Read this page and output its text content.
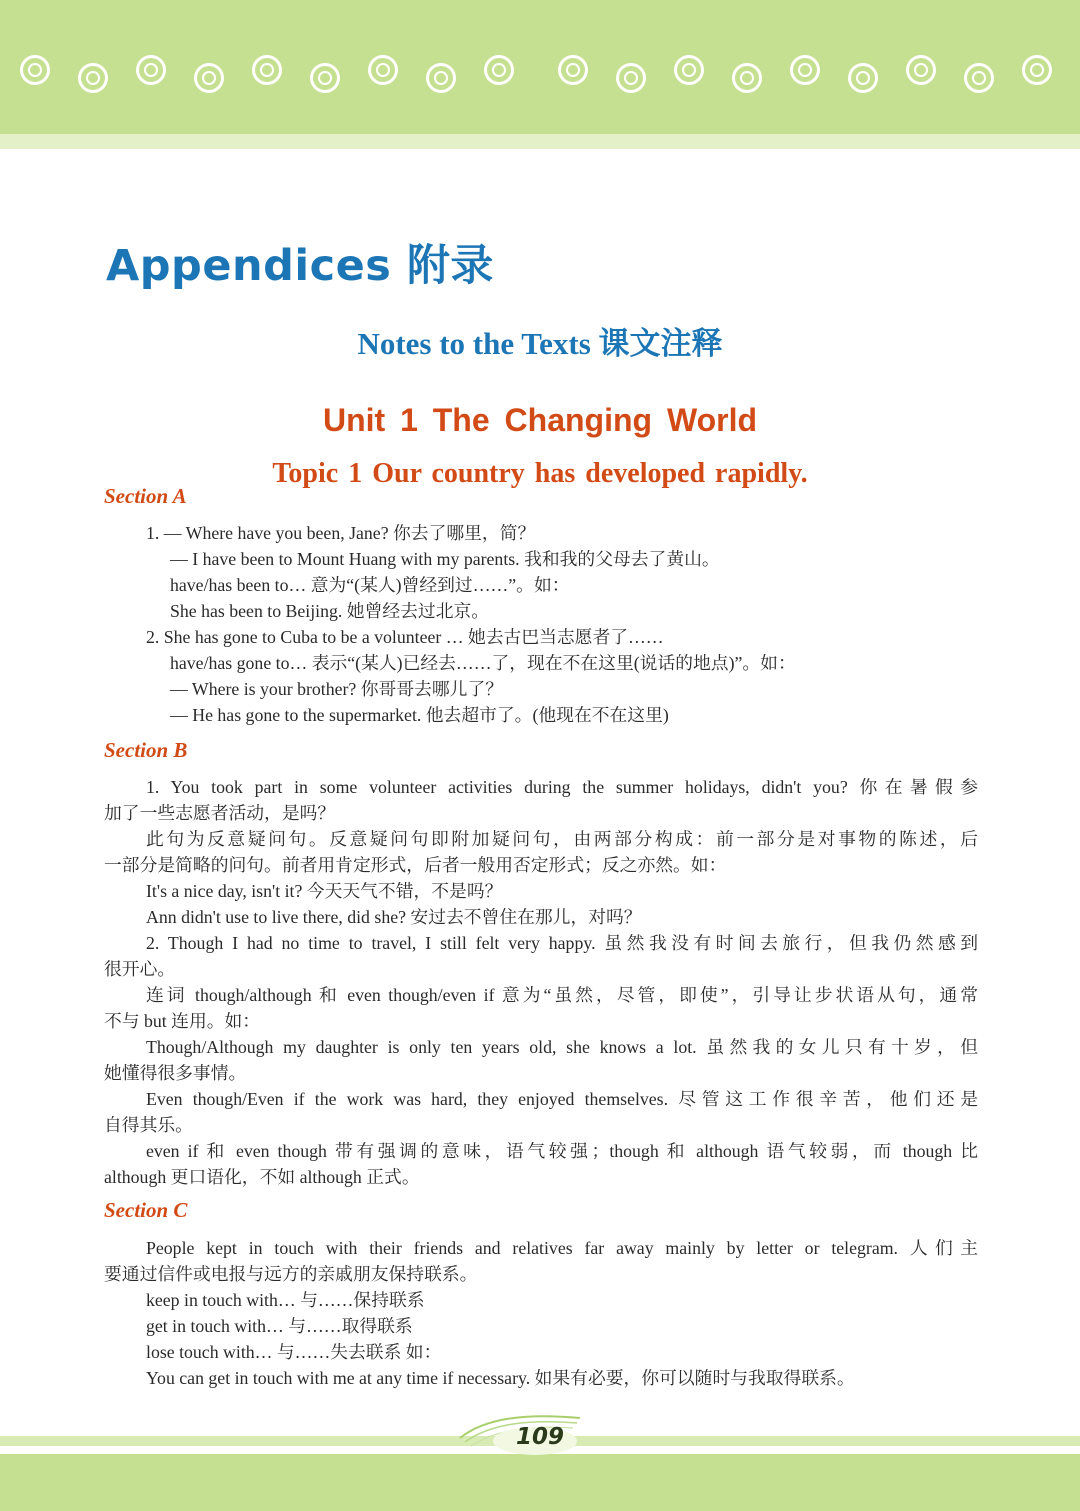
Appendices 附录
Notes to the Texts 课文注释
Unit 1 The Changing World
Topic 1 Our country has developed rapidly.
Section A

1. — Where have you been, Jane? 你去了哪里，简？

— I have been to Mount Huang with my parents. 我和我的父母去了黄山。

have/has been to… 意为“(某人)曾经到过……”。如：

She has been to Beijing. 她曾经去过北京。

2. She has gone to Cuba to be a volunteer … 她去古巴当志愿者了……

have/has gone to… 表示“(某人)已经去……了，现在不在这里(说话的地点)”。如：

— Where is your brother? 你哥哥去哪儿了？

— He has gone to the supermarket. 他去超市了。(他现在不在这里)

Section B

1. You took part in some volunteer activities during the summer holidays, didn't you? 你在暑假参

加了一些志愿者活动，是吗？

此句为反意疑问句。反意疑问句即附加疑问句，由两部分构成：前一部分是对事物的陈述，后

一部分是简略的问句。前者用肯定形式，后者一般用否定形式；反之亦然。如：

It's a nice day, isn't it? 今天天气不错，不是吗？

Ann didn't use to live there, did she? 安过去不曾住在那儿，对吗？

2. Though I had no time to travel, I still felt very happy. 虽然我没有时间去旅行，但我仍然感到

很开心。

连词 though/although 和 even though/even if 意为“虽然，尽管，即使”，引导让步状语从句，通常

不与 but 连用。如：

Though/Although my daughter is only ten years old, she knows a lot. 虽然我的女儿只有十岁，但

她懂得很多事情。

Even though/Even if the work was hard, they enjoyed themselves. 尽管这工作很辛苦，他们还是

自得其乐。

even if 和 even though 带有强调的意味，语气较强；though 和 although 语气较弱，而 though 比

although 更口语化，不如 although 正式。

Section C

People kept in touch with their friends and relatives far away mainly by letter or telegram. 人们主

要通过信件或电报与远方的亲戚朋友保持联系。

keep in touch with… 与……保持联系

get in touch with… 与……取得联系

lose touch with… 与……失去联系 如：

You can get in touch with me at any time if necessary. 如果有必要，你可以随时与我取得联系。

109
